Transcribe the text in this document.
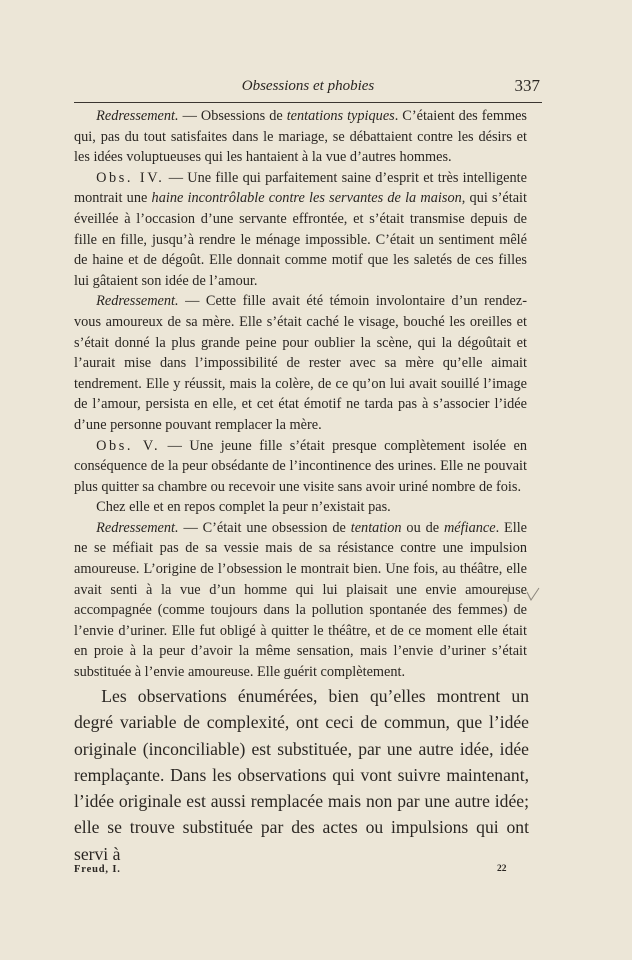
Obsessions et phobies	337

Redressement. — Obsessions de tentations typiques. C’étaient des femmes qui, pas du tout satisfaites dans le mariage, se débattaient contre les désirs et les idées voluptueuses qui les hantaient à la vue d’autres hommes.

Obs. IV. — Une fille qui parfaitement saine d’esprit et très intelligente montrait une haine incontrôlable contre les servantes de la maison, qui s’était éveillée à l’occasion d’une servante effrontée, et s’était transmise depuis de fille en fille, jusqu’à rendre le ménage impossible. C’était un sentiment mêlé de haine et de dégoût. Elle donnait comme motif que les saletés de ces filles lui gâtaient son idée de l’amour.

Redressement. — Cette fille avait été témoin involontaire d’un rendez-vous amoureux de sa mère. Elle s’était caché le visage, bouché les oreilles et s’était donné la plus grande peine pour oublier la scène, qui la dégoûtait et l’aurait mise dans l’impossibilité de rester avec sa mère qu’elle aimait tendrement. Elle y réussit, mais la colère, de ce qu’on lui avait souillé l’image de l’amour, persista en elle, et cet état émotif ne tarda pas à s’associer l’idée d’une personne pouvant remplacer la mère.

Obs. V. — Une jeune fille s’était presque complètement isolée en conséquence de la peur obsédante de l’incontinence des urines. Elle ne pouvait plus quitter sa chambre ou recevoir une visite sans avoir uriné nombre de fois.

Chez elle et en repos complet la peur n’existait pas.

Redressement. — C’était une obsession de tentation ou de méfiance. Elle ne se méfiait pas de sa vessie mais de sa résistance contre une impulsion amoureuse. L’origine de l’obsession le montrait bien. Une fois, au théâtre, elle avait senti à la vue d’un homme qui lui plaisait une envie amoureuse accompagnée (comme toujours dans la pollution spontanée des femmes) de l’envie d’uriner. Elle fut obligé à quitter le théâtre, et de ce moment elle était en proie à la peur d’avoir la même sensation, mais l’envie d’uriner s’était substituée à l’envie amoureuse. Elle guérit complètement.

Les observations énumérées, bien qu’elles montrent un degré variable de complexité, ont ceci de commun, que l’idée originale (inconciliable) est substituée, par une autre idée, idée remplaçante. Dans les observations qui vont suivre maintenant, l’idée originale est aussi remplacée mais non par une autre idée; elle se trouve substituée par des actes ou impulsions qui ont servi à

Freud, I.	22
